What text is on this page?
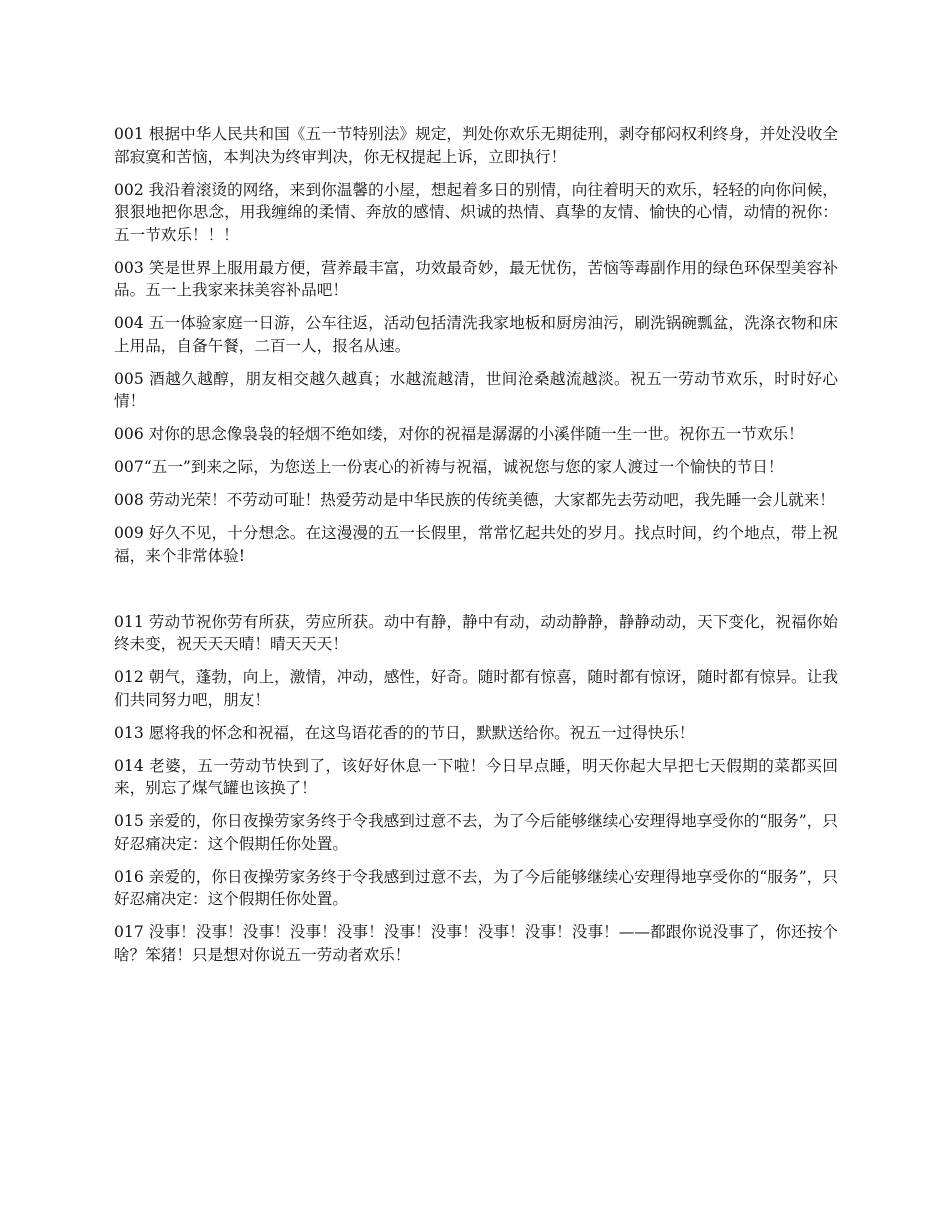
001 根据中华人民共和国《五一节特别法》规定，判处你欢乐无期徒刑，剥夺郁闷权利终身，并处没收全部寂寞和苦恼，本判决为终审判决，你无权提起上诉，立即执行！

002 我沿着滚烫的网络，来到你温馨的小屋，想起着多日的别情，向往着明天的欢乐，轻轻的向你问候，狠狠地把你思念，用我缠绵的柔情、奔放的感情、炽诚的热情、真挚的友情、愉快的心情，动情的祝你：五一节欢乐！！！

003 笑是世界上服用最方便，营养最丰富，功效最奇妙，最无忧伤，苦恼等毒副作用的绿色环保型美容补品。五一上我家来抹美容补品吧！

004 五一体验家庭一日游，公车往返，活动包括清洗我家地板和厨房油污，刷洗锅碗瓢盆，洗涤衣物和床上用品，自备午餐，二百一人，报名从速。

005 酒越久越醇，朋友相交越久越真；水越流越清，世间沧桑越流越淡。祝五一劳动节欢乐，时时好心情！

006 对你的思念像袅袅的轻烟不绝如缕，对你的祝福是潺潺的小溪伴随一生一世。祝你五一节欢乐！

007“五一”到来之际，为您送上一份衷心的祈祷与祝福，诚祝您与您的家人渡过一个愉快的节日！

008 劳动光荣！不劳动可耻！热爱劳动是中华民族的传统美德，大家都先去劳动吧，我先睡一会儿就来！

009 好久不见，十分想念。在这漫漫的五一长假里，常常忆起共处的岁月。找点时间，约个地点，带上祝福，来个非常体验!

011 劳动节祝你劳有所获，劳应所获。动中有静，静中有动，动动静静，静静动动，天下变化，祝福你始终未变，祝天天天晴！晴天天天！

012 朝气，蓬勃，向上，激情，冲动，感性，好奇。随时都有惊喜，随时都有惊讶，随时都有惊异。让我们共同努力吧，朋友！

013 愿将我的怀念和祝福，在这鸟语花香的的节日，默默送给你。祝五一过得快乐！

014 老婆，五一劳动节快到了，该好好休息一下啦！今日早点睡，明天你起大早把七天假期的菜都买回来，别忘了煤气罐也该换了！

015 亲爱的，你日夜操劳家务终于令我感到过意不去，为了今后能够继续心安理得地享受你的“服务”，只好忍痛决定：这个假期任你处置。

016 亲爱的，你日夜操劳家务终于令我感到过意不去，为了今后能够继续心安理得地享受你的“服务”，只好忍痛决定：这个假期任你处置。

017 没事！没事！没事！没事！没事！没事！没事！没事！没事！没事！——都跟你说没事了，你还按个啥？笨猪！只是想对你说五一劳动者欢乐！
